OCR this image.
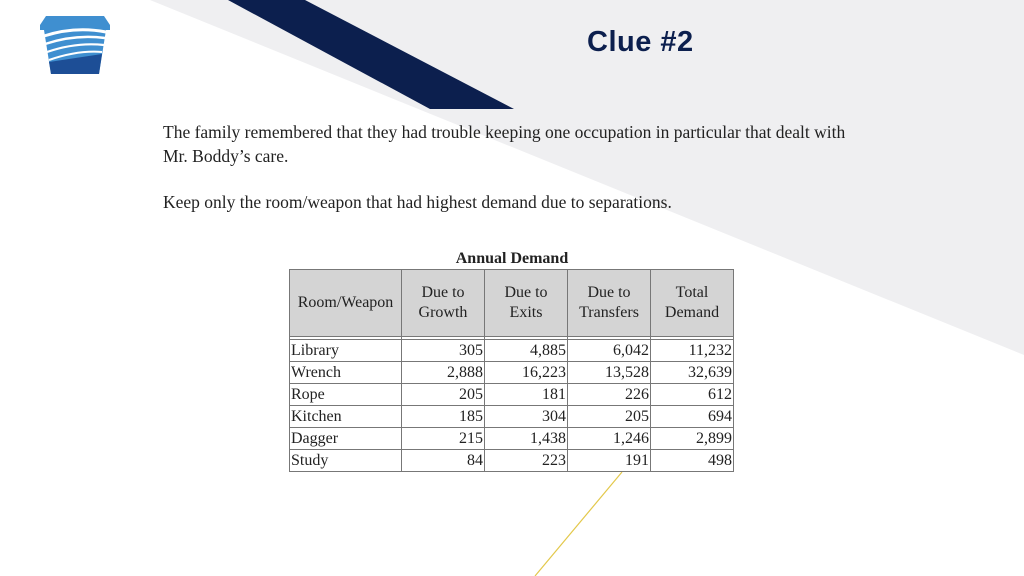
Clue #2
The family remembered that they had trouble keeping one occupation in particular that dealt with Mr. Boddy’s care.
Keep only the room/weapon that had highest demand due to separations.
Annual Demand
Room/Weapon	Due to Growth	Due to Exits	Due to Transfers	Total Demand

Library	305	4,885	6,042	11,232
Wrench	2,888	16,223	13,528	32,639
Rope	205	181	226	612
Kitchen	185	304	205	694
Dagger	215	1,438	1,246	2,899
Study	84	223	191	498
